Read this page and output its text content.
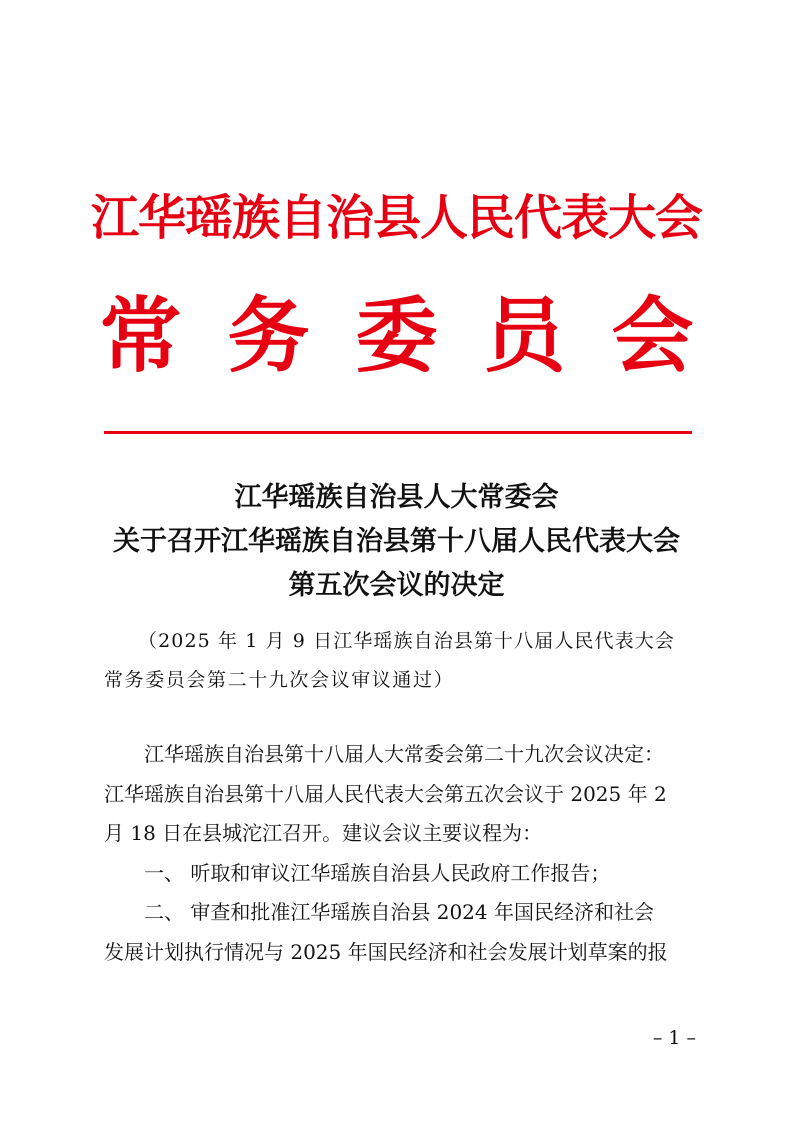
江华瑶族自治县人民代表大会
常务委员会
江华瑶族自治县人大常委会
关于召开江华瑶族自治县第十八届人民代表大会
第五次会议的决定
（2025 年 1 月 9 日江华瑶族自治县第十八届人民代表大会
常务委员会第二十九次会议审议通过）
江华瑶族自治县第十八届人大常委会第二十九次会议决定：
江华瑶族自治县第十八届人民代表大会第五次会议于 2025 年 2
月 18 日在县城沱江召开。建议会议主要议程为：
一、 听取和审议江华瑶族自治县人民政府工作报告；
二、 审查和批准江华瑶族自治县 2024 年国民经济和社会
发展计划执行情况与 2025 年国民经济和社会发展计划草案的报
– 1 –
